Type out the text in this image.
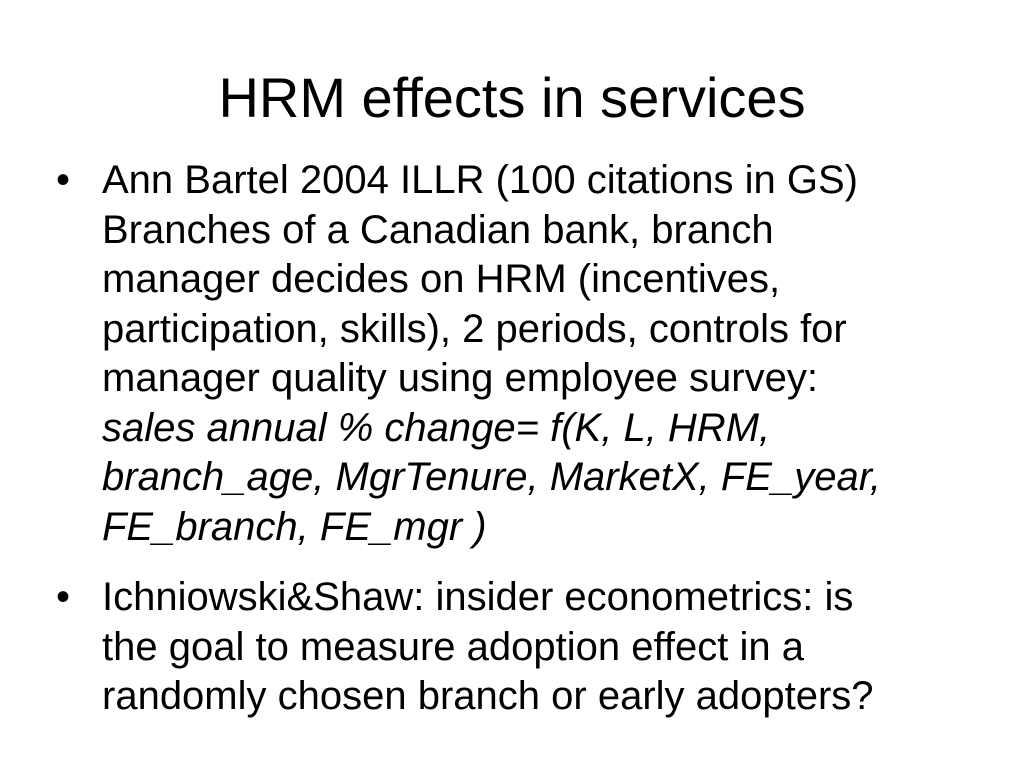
HRM effects in services
• Ann Bartel 2004 ILLR (100 citations in GS)
Branches of a Canadian bank, branch
manager decides on HRM (incentives,
participation, skills), 2 periods, controls for
manager quality using employee survey:
sales annual % change= f(K, L, HRM,
branch_age, MgrTenure, MarketX, FE_year,
FE_branch, FE_mgr )
• Ichniowski&Shaw: insider econometrics: is
the goal to measure adoption effect in a
randomly chosen branch or early adopters?
